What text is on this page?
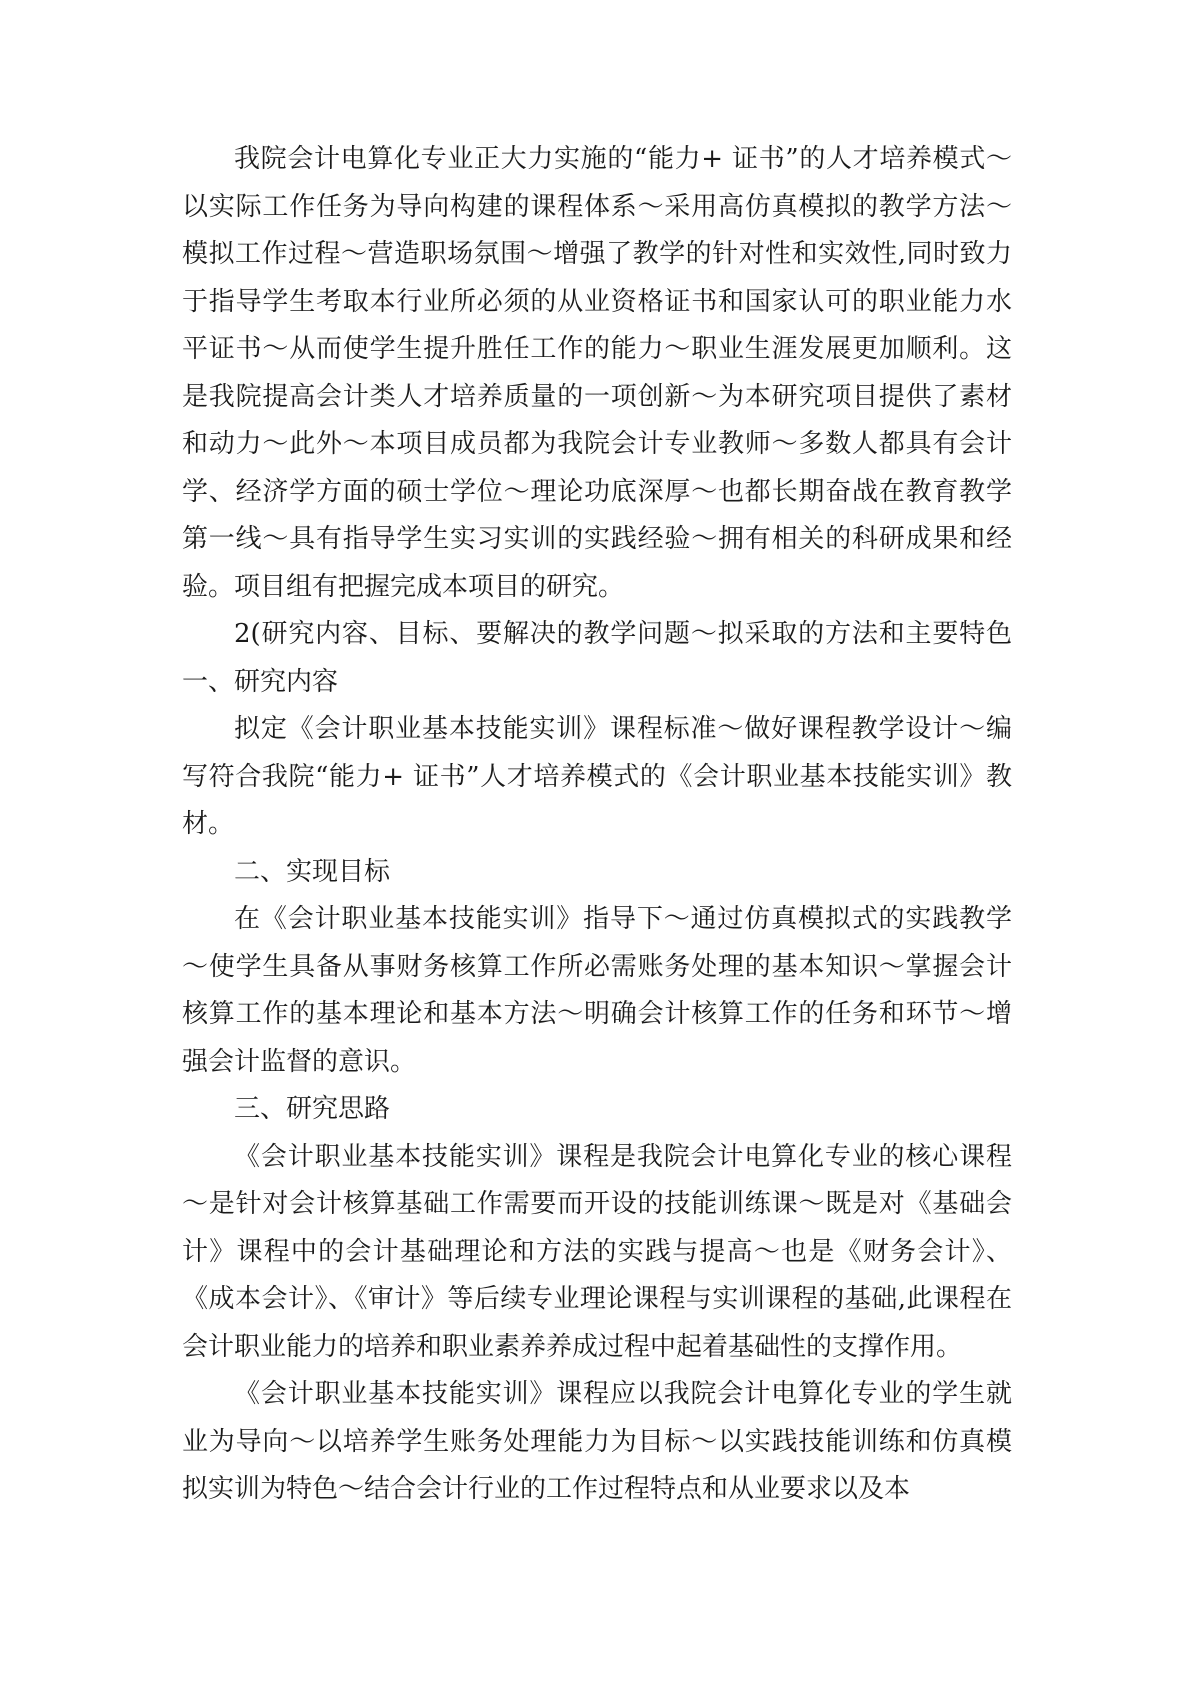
我院会计电算化专业正大力实施的“能力+ 证书”的人才培养模式～以实际工作任务为导向构建的课程体系～采用高仿真模拟的教学方法～模拟工作过程～营造职场氛围～增强了教学的针对性和实效性,同时致力于指导学生考取本行业所必须的从业资格证书和国家认可的职业能力水平证书～从而使学生提升胜任工作的能力～职业生涯发展更加顺利。这是我院提高会计类人才培养质量的一项创新～为本研究项目提供了素材和动力～此外～本项目成员都为我院会计专业教师～多数人都具有会计学、经济学方面的硕士学位～理论功底深厚～也都长期奋战在教育教学第一线～具有指导学生实习实训的实践经验～拥有相关的科研成果和经验。项目组有把握完成本项目的研究。

2(研究内容、目标、要解决的教学问题～拟采取的方法和主要特色 一、研究内容

拟定《会计职业基本技能实训》课程标准～做好课程教学设计～编写符合我院“能力+ 证书”人才培养模式的《会计职业基本技能实训》教材。

二、实现目标

在《会计职业基本技能实训》指导下～通过仿真模拟式的实践教学～使学生具备从事财务核算工作所必需账务处理的基本知识～掌握会计核算工作的基本理论和基本方法～明确会计核算工作的任务和环节～增强会计监督的意识。

三、研究思路

《会计职业基本技能实训》课程是我院会计电算化专业的核心课程～是针对会计核算基础工作需要而开设的技能训练课～既是对《基础会计》课程中的会计基础理论和方法的实践与提高～也是《财务会计》、《成本会计》、《审计》等后续专业理论课程与实训课程的基础,此课程在会计职业能力的培养和职业素养养成过程中起着基础性的支撑作用。

《会计职业基本技能实训》课程应以我院会计电算化专业的学生就业为导向～以培养学生账务处理能力为目标～以实践技能训练和仿真模拟实训为特色～结合会计行业的工作过程特点和从业要求以及本
